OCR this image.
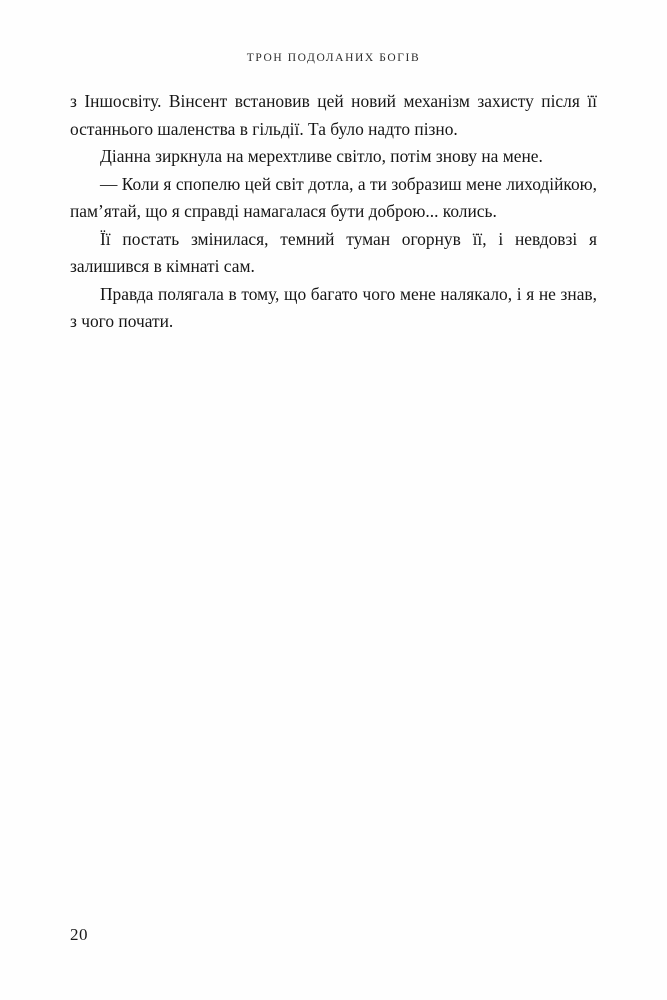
ТРОН ПОДОЛАНИХ БОГІВ

з Іншосвіту. Вінсент встановив цей новий механізм захисту після її останнього шаленства в гільдії. Та було надто пізно.

Діанна зиркнула на мерехтливе світло, потім знову на мене.

— Коли я спопелю цей світ дотла, а ти зобразиш мене лиходійкою, пам’ятай, що я справді намагалася бути доброю... колись.

Її постать змінилася, темний туман огорнув її, і невдовзі я залишився в кімнаті сам.

Правда полягала в тому, що багато чого мене налякало, і я не знав, з чого почати.

20
